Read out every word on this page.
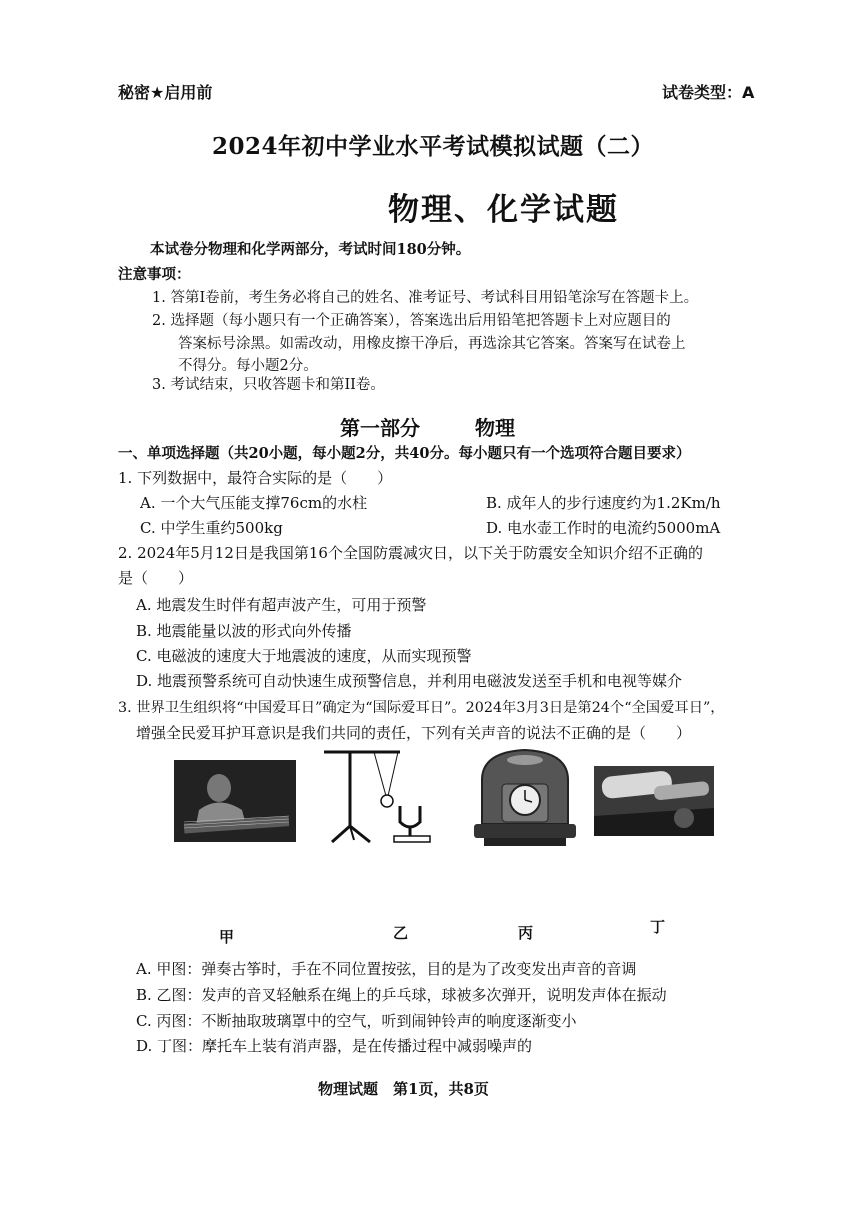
秘密★启用前	试卷类型：A
2024年初中学业水平考试模拟试题（二）
物理、化学试题
本试卷分物理和化学两部分，考试时间180分钟。
注意事项：
1. 答第I卷前，考生务必将自己的姓名、准考证号、考试科目用铅笔涂写在答题卡上。
2. 选择题（每小题只有一个正确答案），答案选出后用铅笔把答题卡上对应题目的
答案标号涂黑。如需改动，用橡皮擦干净后，再选涂其它答案。答案写在试卷上
不得分。每小题2分。
3. 考试结束，只收答题卡和第II卷。
第一部分	物理
一、单项选择题（共20小题，每小题2分，共40分。每小题只有一个选项符合题目要求）
1. 下列数据中，最符合实际的是（　　）
A. 一个大气压能支撑76cm的水柱	B. 成年人的步行速度约为1.2Km/h
C. 中学生重约500kg	D. 电水壶工作时的电流约5000mA
2. 2024年5月12日是我国第16个全国防震减灾日，以下关于防震安全知识介绍不正确的
是（　　）
A. 地震发生时伴有超声波产生，可用于预警
B. 地震能量以波的形式向外传播
C. 电磁波的速度大于地震波的速度，从而实现预警
D. 地震预警系统可自动快速生成预警信息，并利用电磁波发送至手机和电视等媒介
3. 世界卫生组织将“中国爱耳日”确定为“国际爱耳日”。2024年3月3日是第24个“全国爱耳日”，
增强全民爱耳护耳意识是我们共同的责任，下列有关声音的说法不正确的是（　　）
甲	乙	丙	丁
A. 甲图：弹奏古筝时，手在不同位置按弦，目的是为了改变发出声音的音调
B. 乙图：发声的音叉轻触系在绳上的乒乓球，球被多次弹开，说明发声体在振动
C. 丙图：不断抽取玻璃罩中的空气，听到闹钟铃声的响度逐渐变小
D. 丁图：摩托车上装有消声器，是在传播过程中减弱噪声的
物理试题　第1页，共8页
